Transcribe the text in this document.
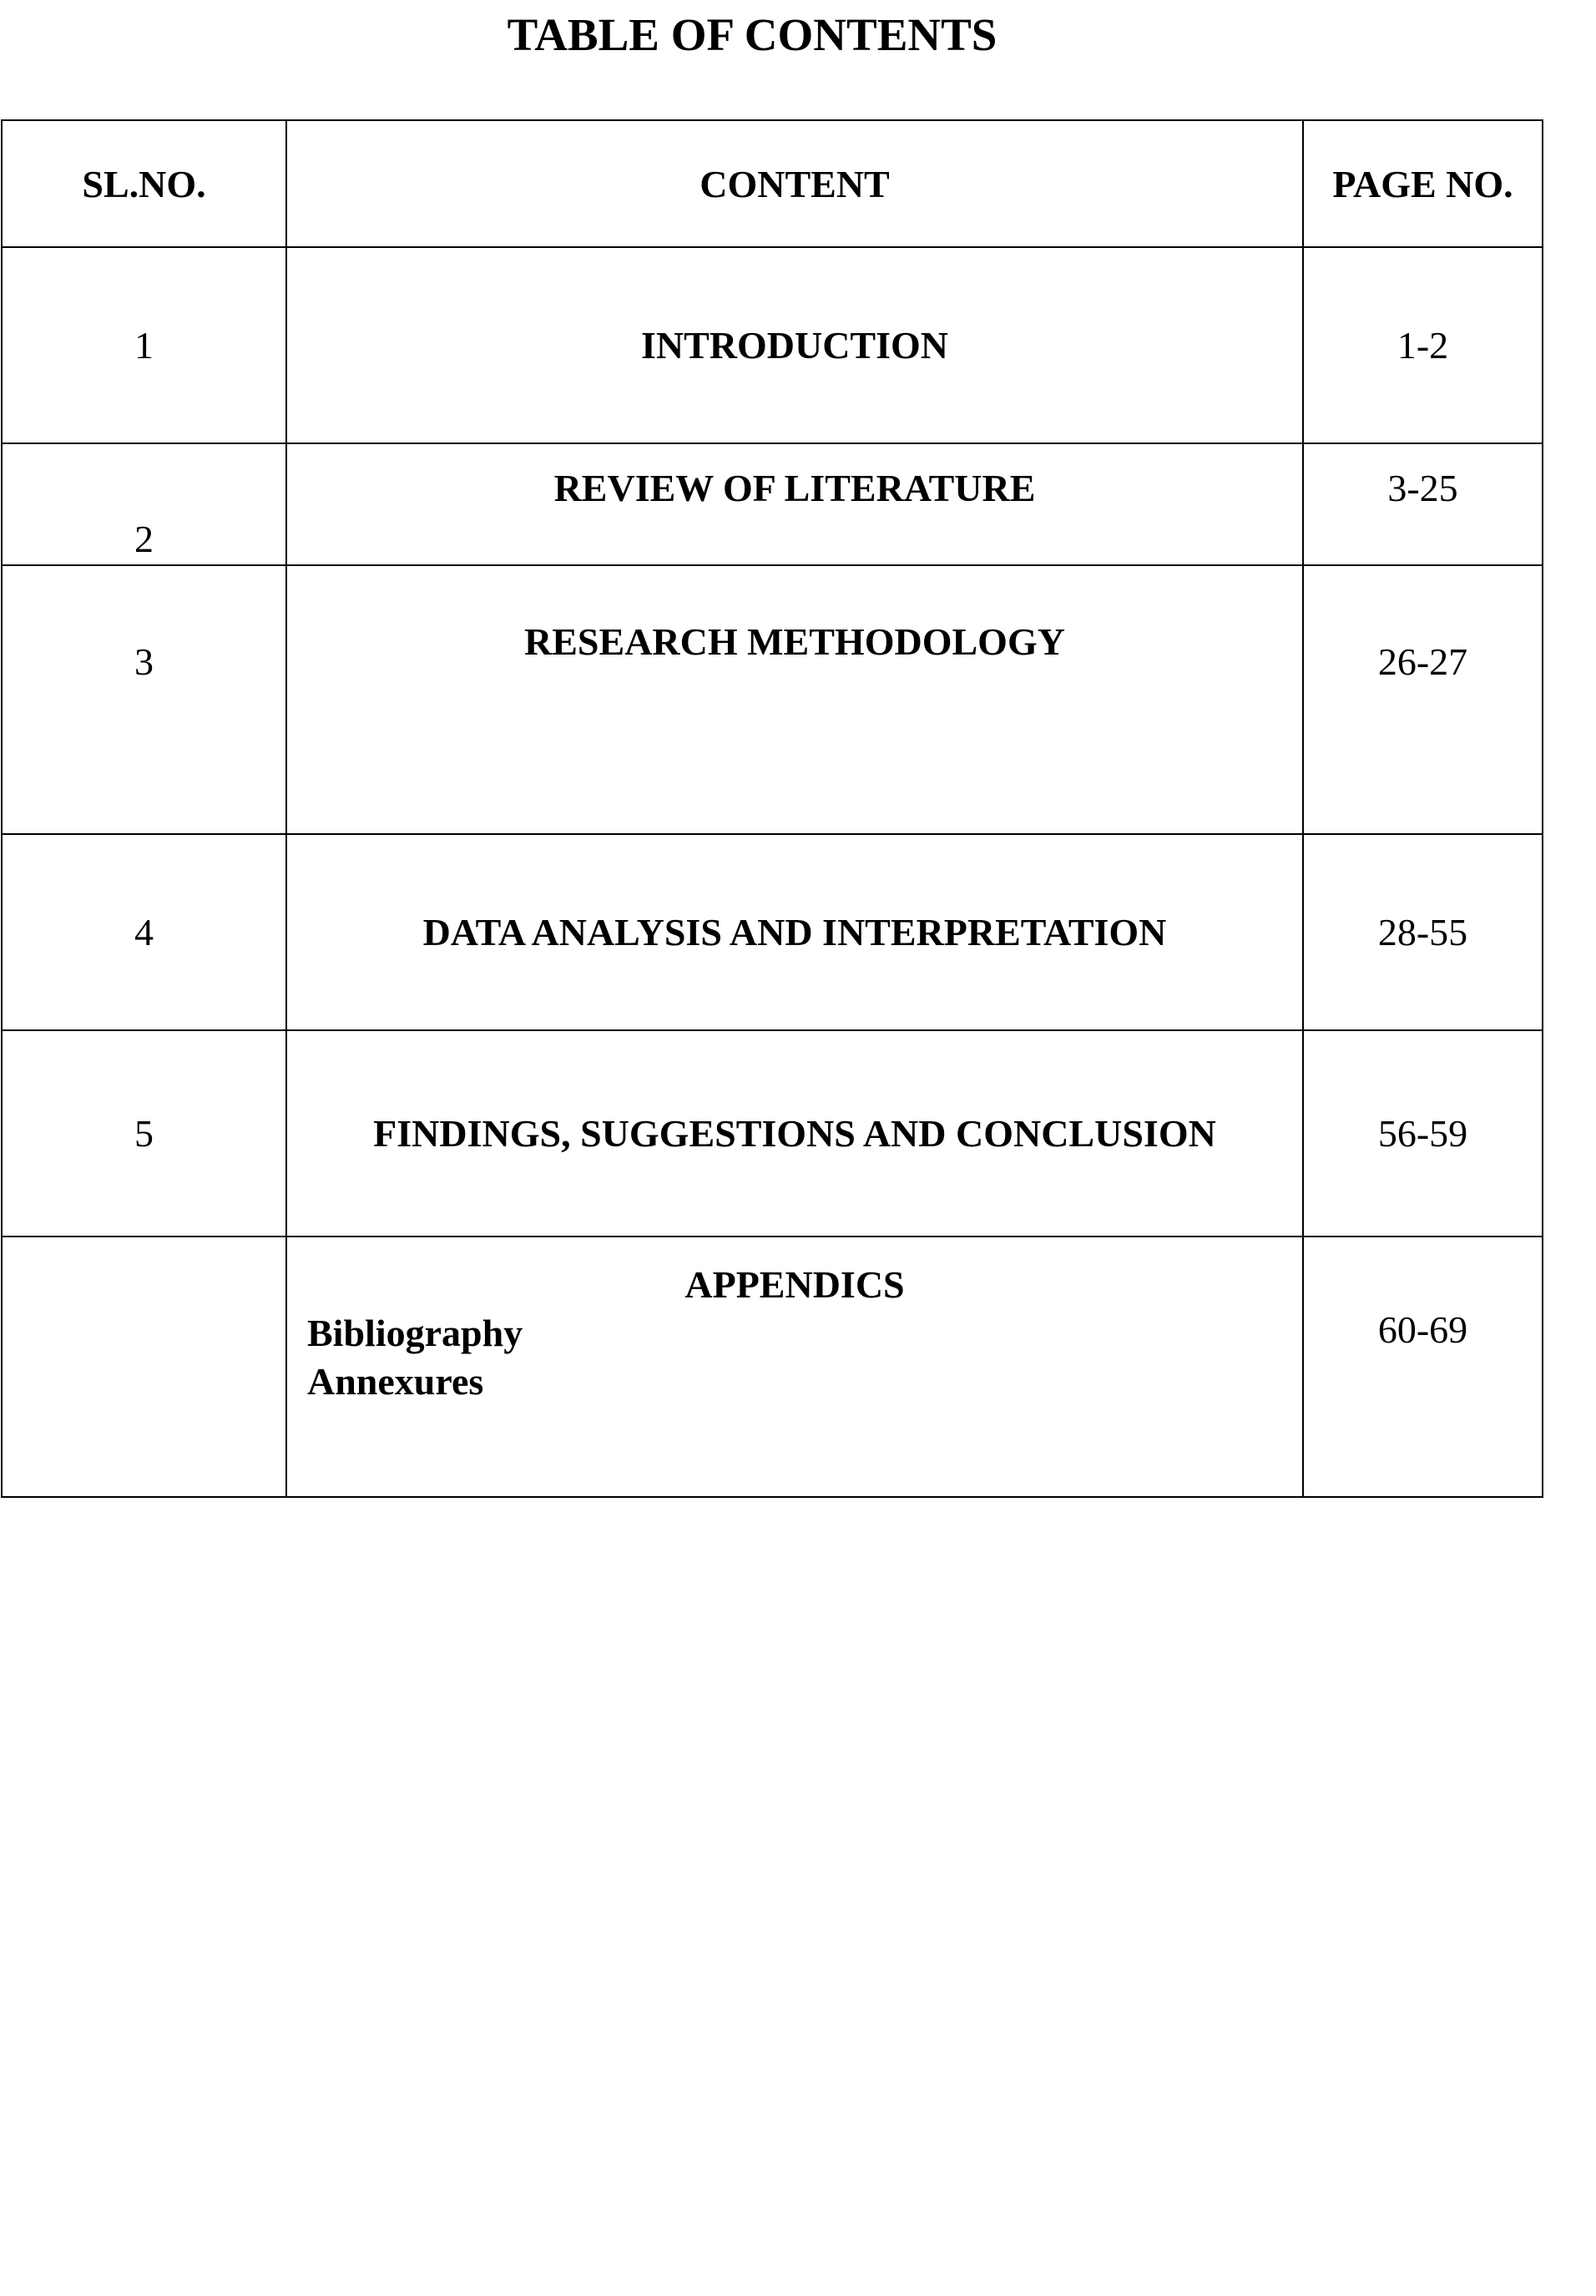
TABLE OF CONTENTS
SL.NO.	CONTENT	PAGE NO.
1	INTRODUCTION	1-2
2	REVIEW OF LITERATURE	3-25
3	RESEARCH METHODOLOGY	26-27
4	DATA ANALYSIS AND INTERPRETATION	28-55
5	FINDINGS, SUGGESTIONS AND CONCLUSION	56-59

	APPENDICS
Bibliography
Annexures	60-69
